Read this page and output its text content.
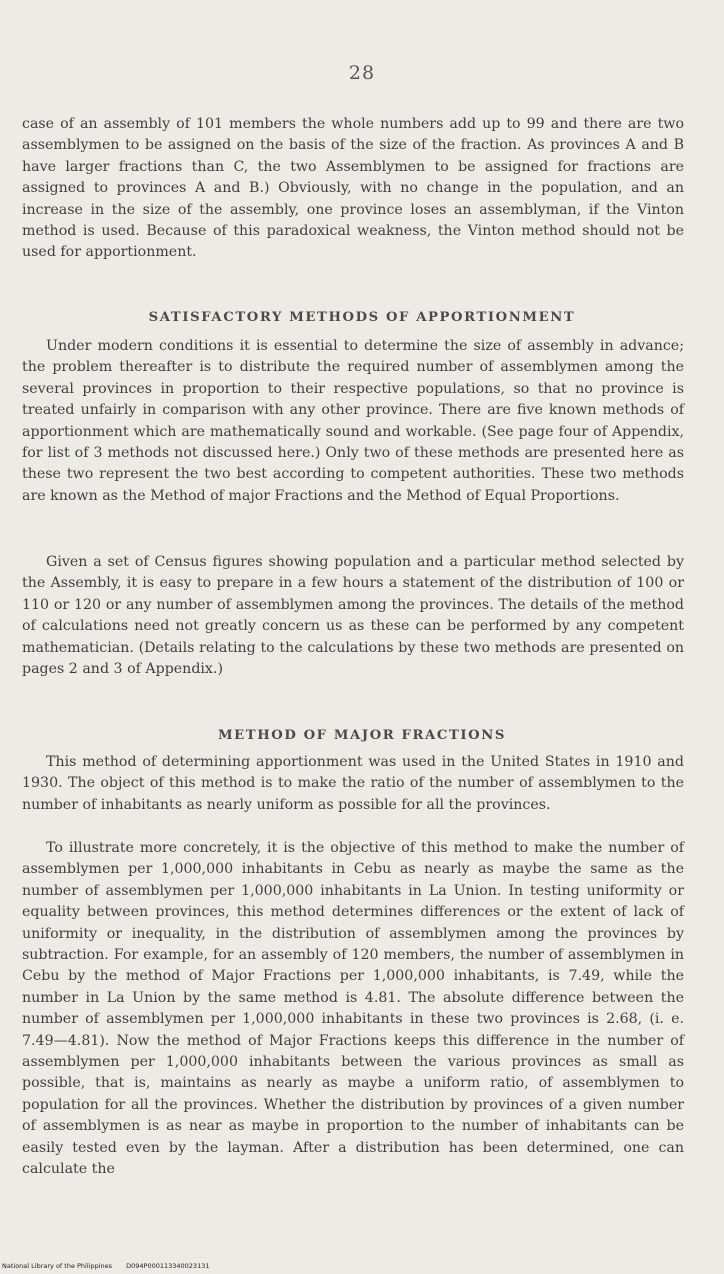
28

case of an assembly of 101 members the whole numbers add up to 99 and there are two assemblymen to be assigned on the basis of the size of the fraction. As provinces A and B have larger fractions than C, the two Assemblymen to be assigned for fractions are assigned to provinces A and B.) Obviously, with no change in the population, and an increase in the size of the assembly, one province loses an assemblyman, if the Vinton method is used. Because of this paradoxical weakness, the Vinton method should not be used for apportionment.

SATISFACTORY METHODS OF APPORTIONMENT

Under modern conditions it is essential to determine the size of assembly in advance; the problem thereafter is to distribute the required number of assemblymen among the several provinces in proportion to their respective populations, so that no province is treated unfairly in comparison with any other province. There are five known methods of apportionment which are mathematically sound and workable. (See page four of Appendix, for list of 3 methods not discussed here.) Only two of these methods are presented here as these two represent the two best according to competent authorities. These two methods are known as the Method of major Fractions and the Method of Equal Proportions.

Given a set of Census figures showing population and a particular method selected by the Assembly, it is easy to prepare in a few hours a statement of the distribution of 100 or 110 or 120 or any number of assemblymen among the provinces. The details of the method of calculations need not greatly concern us as these can be performed by any competent mathematician. (Details relating to the calculations by these two methods are presented on pages 2 and 3 of Appendix.)

METHOD OF MAJOR FRACTIONS

This method of determining apportionment was used in the United States in 1910 and 1930. The object of this method is to make the ratio of the number of assemblymen to the number of inhabitants as nearly uniform as possible for all the provinces.

To illustrate more concretely, it is the objective of this method to make the number of assemblymen per 1,000,000 inhabitants in Cebu as nearly as maybe the same as the number of assemblymen per 1,000,000 inhabitants in La Union. In testing uniformity or equality between provinces, this method determines differences or the extent of lack of uniformity or inequality, in the distribution of assemblymen among the provinces by subtraction. For example, for an assembly of 120 members, the number of assemblymen in Cebu by the method of Major Fractions per 1,000,000 inhabitants, is 7.49, while the number in La Union by the same method is 4.81. The absolute difference between the number of assemblymen per 1,000,000 inhabitants in these two provinces is 2.68, (i. e. 7.49—4.81). Now the method of Major Fractions keeps this difference in the number of assemblymen per 1,000,000 inhabitants between the various provinces as small as possible, that is, maintains as nearly as maybe a uniform ratio, of assemblymen to population for all the provinces. Whether the distribution by provinces of a given number of assemblymen is as near as maybe in proportion to the number of inhabitants can be easily tested even by the layman. After a distribution has been determined, one can calculate the

National Library of the Philippines D094P000113340023131
